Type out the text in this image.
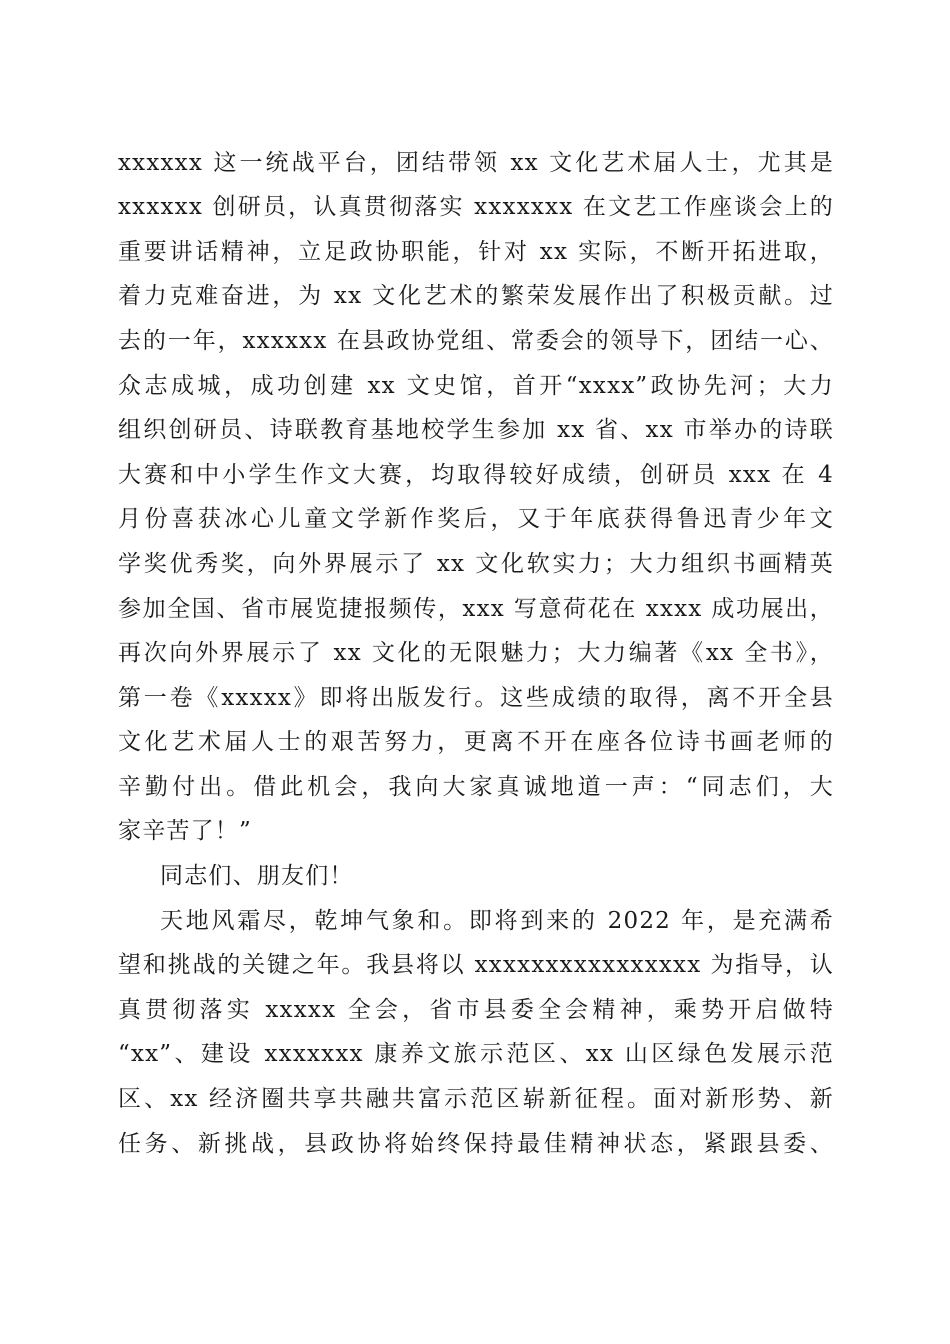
xxxxxx 这一统战平台，团结带领 xx 文化艺术届人士，尤其是
xxxxxx 创研员，认真贯彻落实 xxxxxxx 在文艺工作座谈会上的
重要讲话精神，立足政协职能，针对 xx 实际，不断开拓进取，
着力克难奋进，为 xx 文化艺术的繁荣发展作出了积极贡献。过
去的一年，xxxxxx 在县政协党组、常委会的领导下，团结一心、
众志成城，成功创建 xx 文史馆，首开“xxxx”政协先河；大力
组织创研员、诗联教育基地校学生参加 xx 省、xx 市举办的诗联
大赛和中小学生作文大赛，均取得较好成绩，创研员 xxx 在 4
月份喜获冰心儿童文学新作奖后，又于年底获得鲁迅青少年文
学奖优秀奖，向外界展示了 xx 文化软实力；大力组织书画精英
参加全国、省市展览捷报频传，xxx 写意荷花在 xxxx 成功展出，
再次向外界展示了 xx 文化的无限魅力；大力编著《xx 全书》，
第一卷《xxxxx》即将出版发行。这些成绩的取得，离不开全县
文化艺术届人士的艰苦努力，更离不开在座各位诗书画老师的
辛勤付出。借此机会，我向大家真诚地道一声：“同志们，大
家辛苦了！”
同志们、朋友们！
天地风霜尽，乾坤气象和。即将到来的 2022 年，是充满希
望和挑战的关键之年。我县将以 xxxxxxxxxxxxxxxx 为指导，认
真贯彻落实 xxxxx 全会，省市县委全会精神，乘势开启做特
“xx”、建设 xxxxxxx 康养文旅示范区、xx 山区绿色发展示范
区、xx 经济圈共享共融共富示范区崭新征程。面对新形势、新
任务、新挑战，县政协将始终保持最佳精神状态，紧跟县委、
